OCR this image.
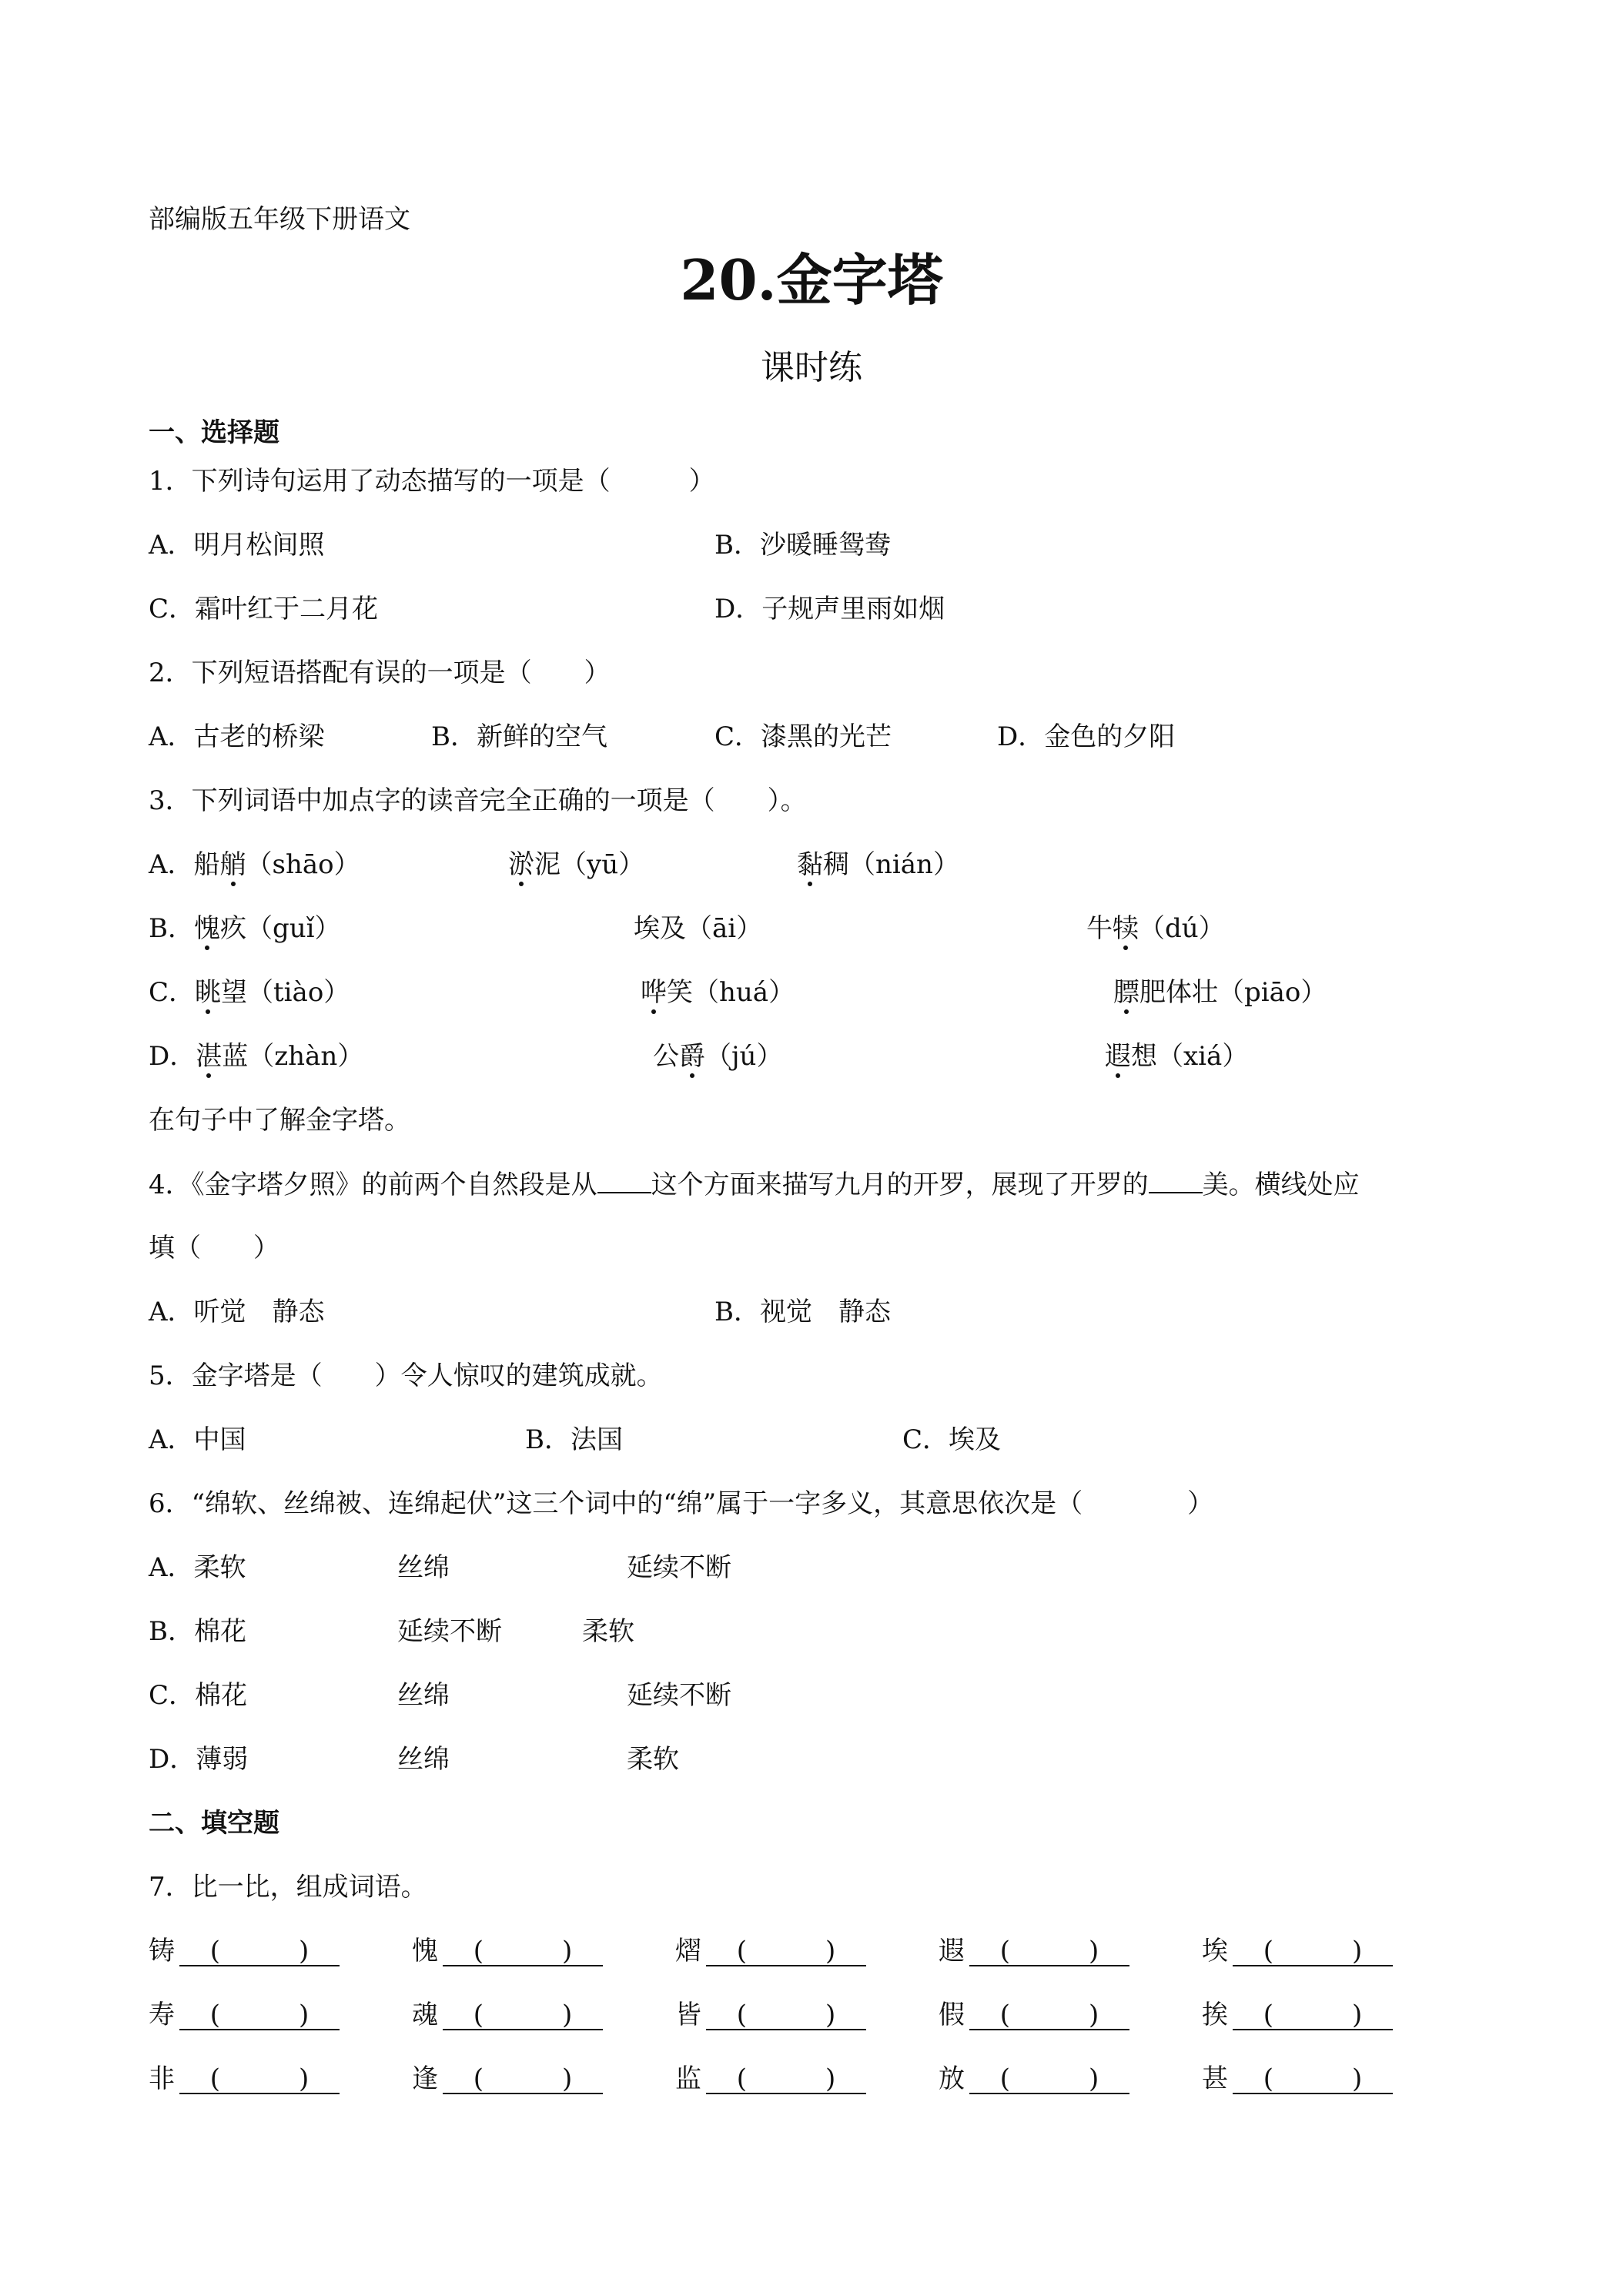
部编版五年级下册语文
20.金字塔
课时练
一、选择题
1．下列诗句运用了动态描写的一项是（　　　）
A．明月松间照	B．沙暖睡鸳鸯
C．霜叶红于二月花	D．子规声里雨如烟
2．下列短语搭配有误的一项是（　　）
A．古老的桥梁	B．新鲜的空气	C．漆黑的光芒	D．金色的夕阳
3．下列词语中加点字的读音完全正确的一项是（　　）。
A．船艄（shāo）	淤泥（yū）	黏稠（nián）
B．愧疚（guǐ）	埃及（āi）	牛犊（dú）
C．眺望（tiào）	哗笑（huá）	膘肥体壮（piāo）
D．湛蓝（zhàn）	公爵（jú）	遐想（xiá）
在句子中了解金字塔。
4．《金字塔夕照》的前两个自然段是从 这个方面来描写九月的开罗，展现了开罗的 美。横线处应
填（　　）
A．听觉　静态	B．视觉　静态
5．金字塔是（　　）令人惊叹的建筑成就。
A．中国	B．法国	C．埃及
6．“绵软、丝绵被、连绵起伏”这三个词中的“绵”属于一字多义，其意思依次是（　　　　）
A．柔软	丝绵	延续不断
B．棉花	延续不断	柔软
C．棉花	丝绵	延续不断
D．薄弱	丝绵	柔软
二、填空题
7．比一比，组成词语。
铸 (　　　)	愧 (　　　)	熠 (　　　)	遐 (　　　)	埃 (　　　)
寿 (　　　)	魂 (　　　)	皆 (　　　)	假 (　　　)	挨 (　　　)
非 (　　　)	逢 (　　　)	监 (　　　)	放 (　　　)	甚 (　　　)
